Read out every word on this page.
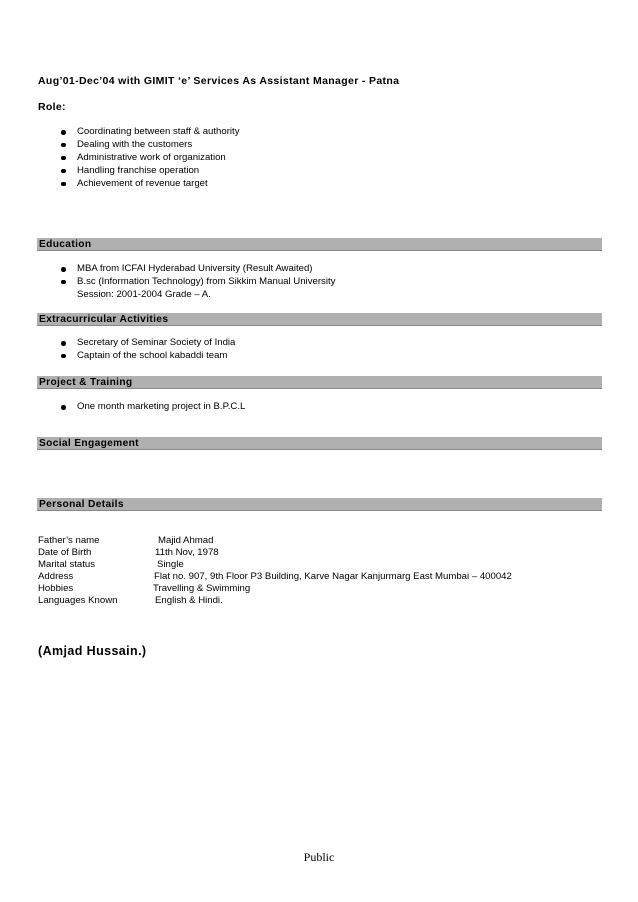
Aug’01-Dec’04 with GIMIT ‘e’ Services As Assistant Manager - Patna
Role:
Coordinating between staff & authority
Dealing with the customers
Administrative work of organization
Handling franchise operation
Achievement of revenue target
Education
MBA from ICFAI Hyderabad University (Result Awaited)
B.sc (Information Technology) from Sikkim Manual University
Session: 2001-2004 Grade – A.
Extracurricular Activities
Secretary of Seminar Society of India
Captain of the school kabaddi team
Project & Training
One month marketing project in B.P.C.L
Social Engagement
Personal Details
Father’s name	Majid Ahmad
Date of Birth	11th Nov, 1978
Marital status	Single
Address	Flat no. 907, 9th Floor P3 Building, Karve Nagar Kanjurmarg East Mumbai – 400042
Hobbies	Travelling & Swimming
Languages Known	English & Hindi.
(Amjad Hussain.)
Public
